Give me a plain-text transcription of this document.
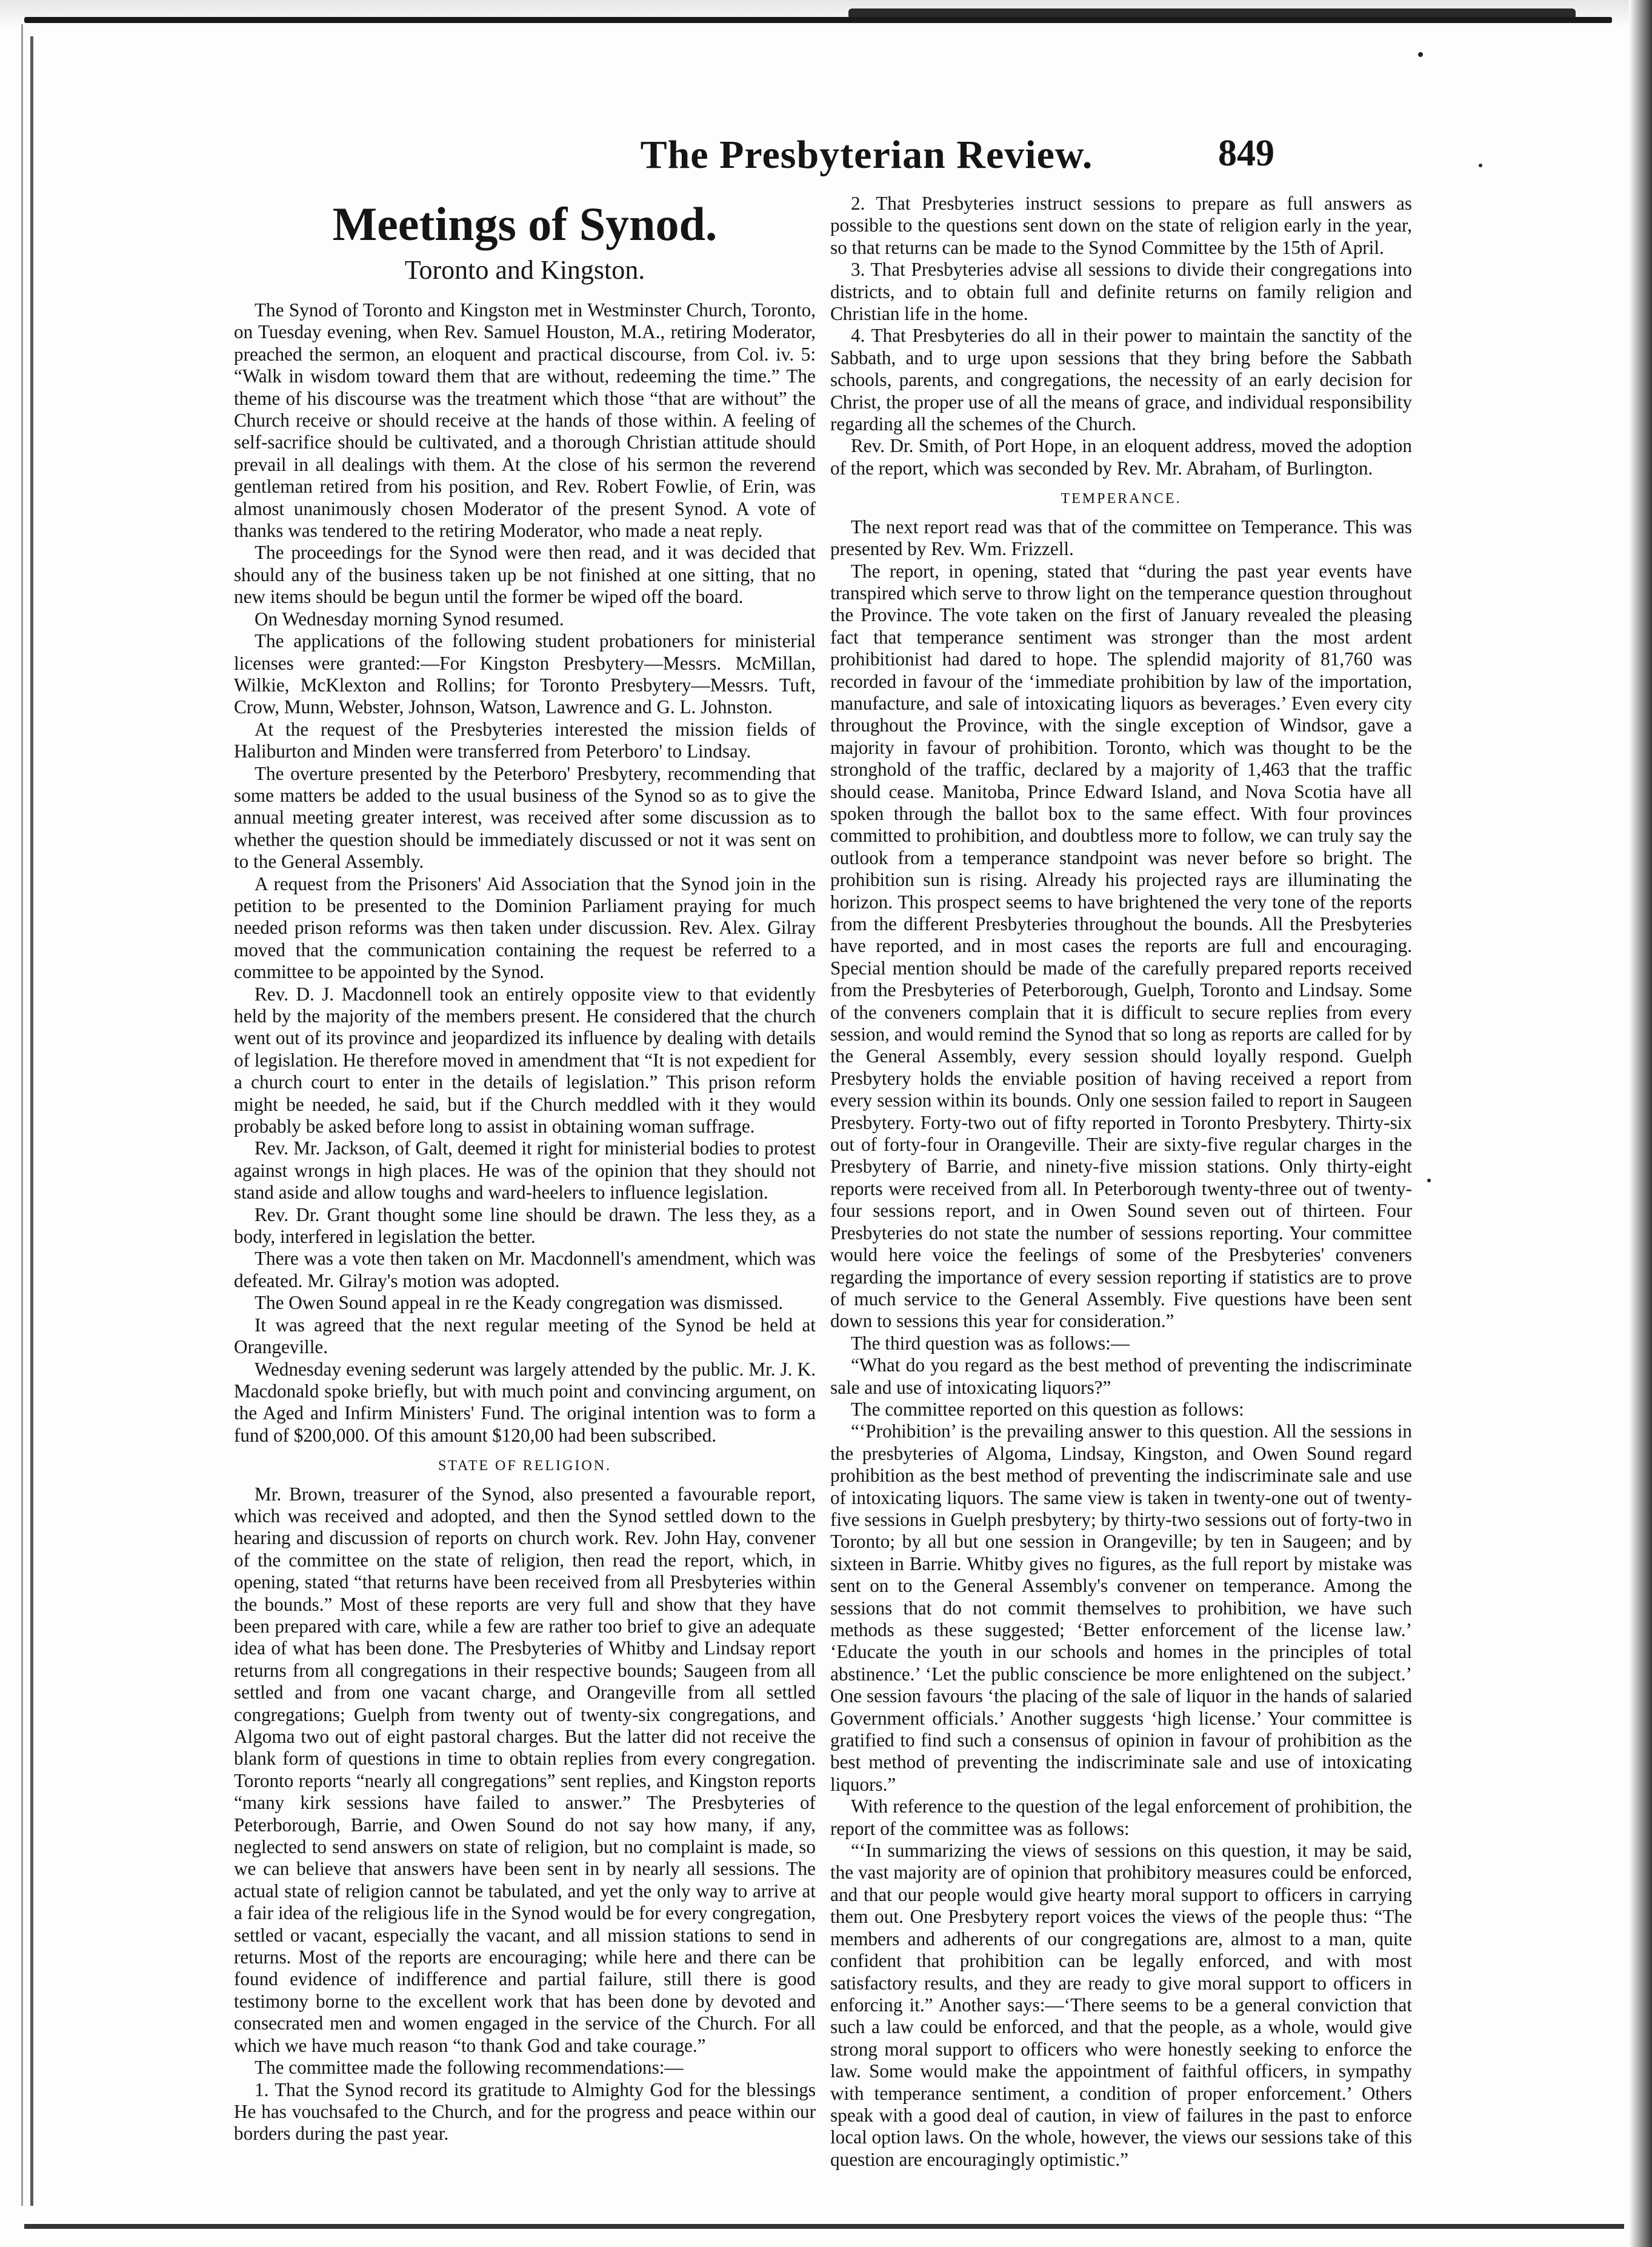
The Presbyterian Review.	849
Meetings of Synod.
Toronto and Kingston.

The Synod of Toronto and Kingston met in Westminster Church, Toronto, on Tuesday evening, when Rev. Samuel Houston, M.A., retiring Moderator, preached the sermon, an eloquent and practical discourse, from Col. iv. 5: “Walk in wisdom toward them that are without, redeeming the time.” The theme of his discourse was the treatment which those “that are without” the Church receive or should receive at the hands of those within. A feeling of self-sacrifice should be cultivated, and a thorough Christian attitude should prevail in all dealings with them. At the close of his sermon the reverend gentleman retired from his position, and Rev. Robert Fowlie, of Erin, was almost unanimously chosen Moderator of the present Synod. A vote of thanks was tendered to the retiring Moderator, who made a neat reply.

The proceedings for the Synod were then read, and it was decided that should any of the business taken up be not finished at one sitting, that no new items should be begun until the former be wiped off the board.

On Wednesday morning Synod resumed.

The applications of the following student probationers for ministerial licenses were granted:—For Kingston Presbytery—Messrs. McMillan, Wilkie, McKlexton and Rollins; for Toronto Presbytery—Messrs. Tuft, Crow, Munn, Webster, Johnson, Watson, Lawrence and G. L. Johnston.

At the request of the Presbyteries interested the mission fields of Haliburton and Minden were transferred from Peterboro' to Lindsay.

The overture presented by the Peterboro' Presbytery, recommending that some matters be added to the usual business of the Synod so as to give the annual meeting greater interest, was received after some discussion as to whether the question should be immediately discussed or not it was sent on to the General Assembly.

A request from the Prisoners' Aid Association that the Synod join in the petition to be presented to the Dominion Parliament praying for much needed prison reforms was then taken under discussion. Rev. Alex. Gilray moved that the communication containing the request be referred to a committee to be appointed by the Synod.

Rev. D. J. Macdonnell took an entirely opposite view to that evidently held by the majority of the members present. He considered that the church went out of its province and jeopardized its influence by dealing with details of legislation. He therefore moved in amendment that “It is not expedient for a church court to enter in the details of legislation.” This prison reform might be needed, he said, but if the Church meddled with it they would probably be asked before long to assist in obtaining woman suffrage.

Rev. Mr. Jackson, of Galt, deemed it right for ministerial bodies to protest against wrongs in high places. He was of the opinion that they should not stand aside and allow toughs and ward-heelers to influence legislation.

Rev. Dr. Grant thought some line should be drawn. The less they, as a body, interfered in legislation the better.

There was a vote then taken on Mr. Macdonnell's amendment, which was defeated. Mr. Gilray's motion was adopted.

The Owen Sound appeal in re the Keady congregation was dismissed.

It was agreed that the next regular meeting of the Synod be held at Orangeville.

Wednesday evening sederunt was largely attended by the public. Mr. J. K. Macdonald spoke briefly, but with much point and convincing argument, on the Aged and Infirm Ministers' Fund. The original intention was to form a fund of $200,000. Of this amount $120,00 had been subscribed.

STATE OF RELIGION.

Mr. Brown, treasurer of the Synod, also presented a favourable report, which was received and adopted, and then the Synod settled down to the hearing and discussion of reports on church work. Rev. John Hay, convener of the committee on the state of religion, then read the report, which, in opening, stated “that returns have been received from all Presbyteries within the bounds.” Most of these reports are very full and show that they have been prepared with care, while a few are rather too brief to give an adequate idea of what has been done. The Presbyteries of Whitby and Lindsay report returns from all congregations in their respective bounds; Saugeen from all settled and from one vacant charge, and Orangeville from all settled congregations; Guelph from twenty out of twenty-six congregations, and Algoma two out of eight pastoral charges. But the latter did not receive the blank form of questions in time to obtain replies from every congregation. Toronto reports “nearly all congregations” sent replies, and Kingston reports “many kirk sessions have failed to answer.” The Presbyteries of Peterborough, Barrie, and Owen Sound do not say how many, if any, neglected to send answers on state of religion, but no complaint is made, so we can believe that answers have been sent in by nearly all sessions. The actual state of religion cannot be tabulated, and yet the only way to arrive at a fair idea of the religious life in the Synod would be for every congregation, settled or vacant, especially the vacant, and all mission stations to send in returns. Most of the reports are encouraging; while here and there can be found evidence of indifference and partial failure, still there is good testimony borne to the excellent work that has been done by devoted and consecrated men and women engaged in the service of the Church. For all which we have much reason “to thank God and take courage.”

The committee made the following recommendations:—

1. That the Synod record its gratitude to Almighty God for the blessings He has vouchsafed to the Church, and for the progress and peace within our borders during the past year.

2. That Presbyteries instruct sessions to prepare as full answers as possible to the questions sent down on the state of religion early in the year, so that returns can be made to the Synod Committee by the 15th of April.

3. That Presbyteries advise all sessions to divide their congregations into districts, and to obtain full and definite returns on family religion and Christian life in the home.

4. That Presbyteries do all in their power to maintain the sanctity of the Sabbath, and to urge upon sessions that they bring before the Sabbath schools, parents, and congregations, the necessity of an early decision for Christ, the proper use of all the means of grace, and individual responsibility regarding all the schemes of the Church.

Rev. Dr. Smith, of Port Hope, in an eloquent address, moved the adoption of the report, which was seconded by Rev. Mr. Abraham, of Burlington.

TEMPERANCE.

The next report read was that of the committee on Temperance. This was presented by Rev. Wm. Frizzell.

The report, in opening, stated that “during the past year events have transpired which serve to throw light on the temperance question throughout the Province. The vote taken on the first of January revealed the pleasing fact that temperance sentiment was stronger than the most ardent prohibitionist had dared to hope. The splendid majority of 81,760 was recorded in favour of the ‘immediate prohibition by law of the importation, manufacture, and sale of intoxicating liquors as beverages.’ Even every city throughout the Province, with the single exception of Windsor, gave a majority in favour of prohibition. Toronto, which was thought to be the stronghold of the traffic, declared by a majority of 1,463 that the traffic should cease. Manitoba, Prince Edward Island, and Nova Scotia have all spoken through the ballot box to the same effect. With four provinces committed to prohibition, and doubtless more to follow, we can truly say the outlook from a temperance standpoint was never before so bright. The prohibition sun is rising. Already his projected rays are illuminating the horizon. This prospect seems to have brightened the very tone of the reports from the different Presbyteries throughout the bounds. All the Presbyteries have reported, and in most cases the reports are full and encouraging. Special mention should be made of the carefully prepared reports received from the Presbyteries of Peterborough, Guelph, Toronto and Lindsay. Some of the conveners complain that it is difficult to secure replies from every session, and would remind the Synod that so long as reports are called for by the General Assembly, every session should loyally respond. Guelph Presbytery holds the enviable position of having received a report from every session within its bounds. Only one session failed to report in Saugeen Presbytery. Forty-two out of fifty reported in Toronto Presbytery. Thirty-six out of forty-four in Orangeville. Their are sixty-five regular charges in the Presbytery of Barrie, and ninety-five mission stations. Only thirty-eight reports were received from all. In Peterborough twenty-three out of twenty-four sessions report, and in Owen Sound seven out of thirteen. Four Presbyteries do not state the number of sessions reporting. Your committee would here voice the feelings of some of the Presbyteries' conveners regarding the importance of every session reporting if statistics are to prove of much service to the General Assembly. Five questions have been sent down to sessions this year for consideration.”

The third question was as follows:—

“What do you regard as the best method of preventing the indiscriminate sale and use of intoxicating liquors?”

The committee reported on this question as follows:

“‘Prohibition’ is the prevailing answer to this question. All the sessions in the presbyteries of Algoma, Lindsay, Kingston, and Owen Sound regard prohibition as the best method of preventing the indiscriminate sale and use of intoxicating liquors. The same view is taken in twenty-one out of twenty-five sessions in Guelph presbytery; by thirty-two sessions out of forty-two in Toronto; by all but one session in Orangeville; by ten in Saugeen; and by sixteen in Barrie. Whitby gives no figures, as the full report by mistake was sent on to the General Assembly's convener on temperance. Among the sessions that do not commit themselves to prohibition, we have such methods as these suggested; ‘Better enforcement of the license law.’ ‘Educate the youth in our schools and homes in the principles of total abstinence.’ ‘Let the public conscience be more enlightened on the subject.’ One session favours ‘the placing of the sale of liquor in the hands of salaried Government officials.’ Another suggests ‘high license.’ Your committee is gratified to find such a consensus of opinion in favour of prohibition as the best method of preventing the indiscriminate sale and use of intoxicating liquors.”

With reference to the question of the legal enforcement of prohibition, the report of the committee was as follows:

“‘In summarizing the views of sessions on this question, it may be said, the vast majority are of opinion that prohibitory measures could be enforced, and that our people would give hearty moral support to officers in carrying them out. One Presbytery report voices the views of the people thus: “The members and adherents of our congregations are, almost to a man, quite confident that prohibition can be legally enforced, and with most satisfactory results, and they are ready to give moral support to officers in enforcing it.” Another says:—‘There seems to be a general conviction that such a law could be enforced, and that the people, as a whole, would give strong moral support to officers who were honestly seeking to enforce the law. Some would make the appointment of faithful officers, in sympathy with temperance sentiment, a condition of proper enforcement.’ Others speak with a good deal of caution, in view of failures in the past to enforce local option laws. On the whole, however, the views our sessions take of this question are encouragingly optimistic.”
